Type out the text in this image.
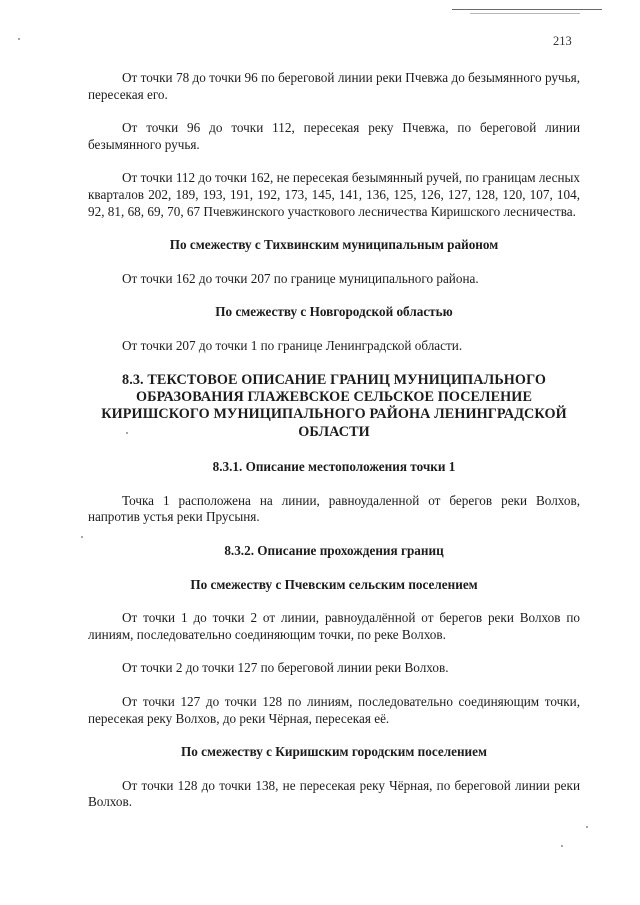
213

От точки 78 до точки 96 по береговой линии реки Пчевжа до безымянного ручья, пересекая его.

От точки 96 до точки 112, пересекая реку Пчевжа, по береговой линии безымянного ручья.

От точки 112 до точки 162, не пересекая безымянный ручей, по границам лесных кварталов 202, 189, 193, 191, 192, 173, 145, 141, 136, 125, 126, 127, 128, 120, 107, 104, 92, 81, 68, 69, 70, 67 Пчевжинского участкового лесничества Киришского лесничества.

По смежеству с Тихвинским муниципальным районом

От точки 162 до точки 207 по границе муниципального района.

По смежеству с Новгородской областью

От точки 207 до точки 1 по границе Ленинградской области.

8.3. ТЕКСТОВОЕ ОПИСАНИЕ ГРАНИЦ МУНИЦИПАЛЬНОГО ОБРАЗОВАНИЯ ГЛАЖЕВСКОЕ СЕЛЬСКОЕ ПОСЕЛЕНИЕ КИРИШСКОГО МУНИЦИПАЛЬНОГО РАЙОНА ЛЕНИНГРАДСКОЙ ОБЛАСТИ

8.3.1. Описание местоположения точки 1

Точка 1 расположена на линии, равноудаленной от берегов реки Волхов, напротив устья реки Прусыня.

8.3.2. Описание прохождения границ

По смежеству с Пчевским сельским поселением

От точки 1 до точки 2 от линии, равноудалённой от берегов реки Волхов по линиям, последовательно соединяющим точки, по реке Волхов.

От точки 2 до точки 127 по береговой линии реки Волхов.

От точки 127 до точки 128 по линиям, последовательно соединяющим точки, пересекая реку Волхов, до реки Чёрная, пересекая её.

По смежеству с Киришским городским поселением

От точки 128 до точки 138, не пересекая реку Чёрная, по береговой линии реки Волхов.
